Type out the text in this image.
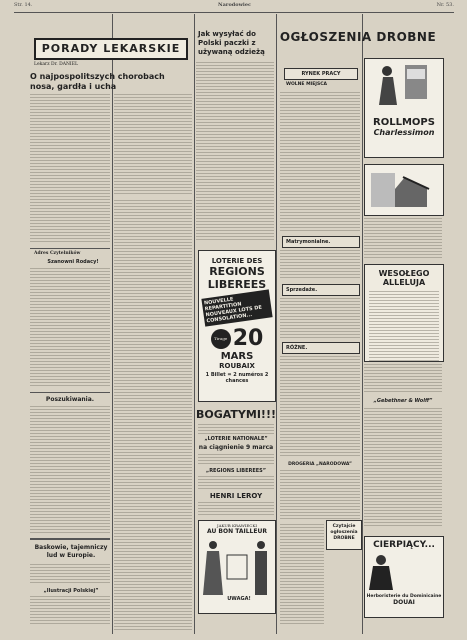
Str. 14.	Narodowiec	Nr. 53.
PORADY LEKARSKIE
Lekarz Dr. DANIEL
O najpospolitszych chorobach nosa, gardła i ucha
Adres Czytelników
Szanowni Rodacy!
Poszukiwania.
Baskowie, tajemniczy lud w Europie.
„Ilustracji Polskiej”
Jak wysyłać do Polski paczki z używaną odzieżą
LOTERIE DES
REGIONS
LIBEREES
NOUVELLE REPARTITION NOUVEAUX LOTS DE CONSOLATION...
Tirage 20
MARS
ROUBAIX
1 Billet = 2 numéros 2 chances
BOGATYMI!!!
„LOTERIE NATIONALE”
na ciągnienie 9 marca
„REGIONS LIBEREES”
HENRI LEROY
JAKUB KRAWIECKI
AU BON TAILLEUR
UWAGA!
OGŁOSZENIA DROBNE
RYNEK PRACY
WOLNE MIEJSCA
Matrymonialne.
Sprzedaże.
RÓŻNE.
DROGERIA „NARODOWA”
Czytajcie ogłoszenia DROBNE
ROLLMOPS
Charlessimon
WESOŁEGO ALLELUJA
„Gebethner & Wolff”
CIERPIĄCY...
Herboristerie du Dominicaine
DOUAI
